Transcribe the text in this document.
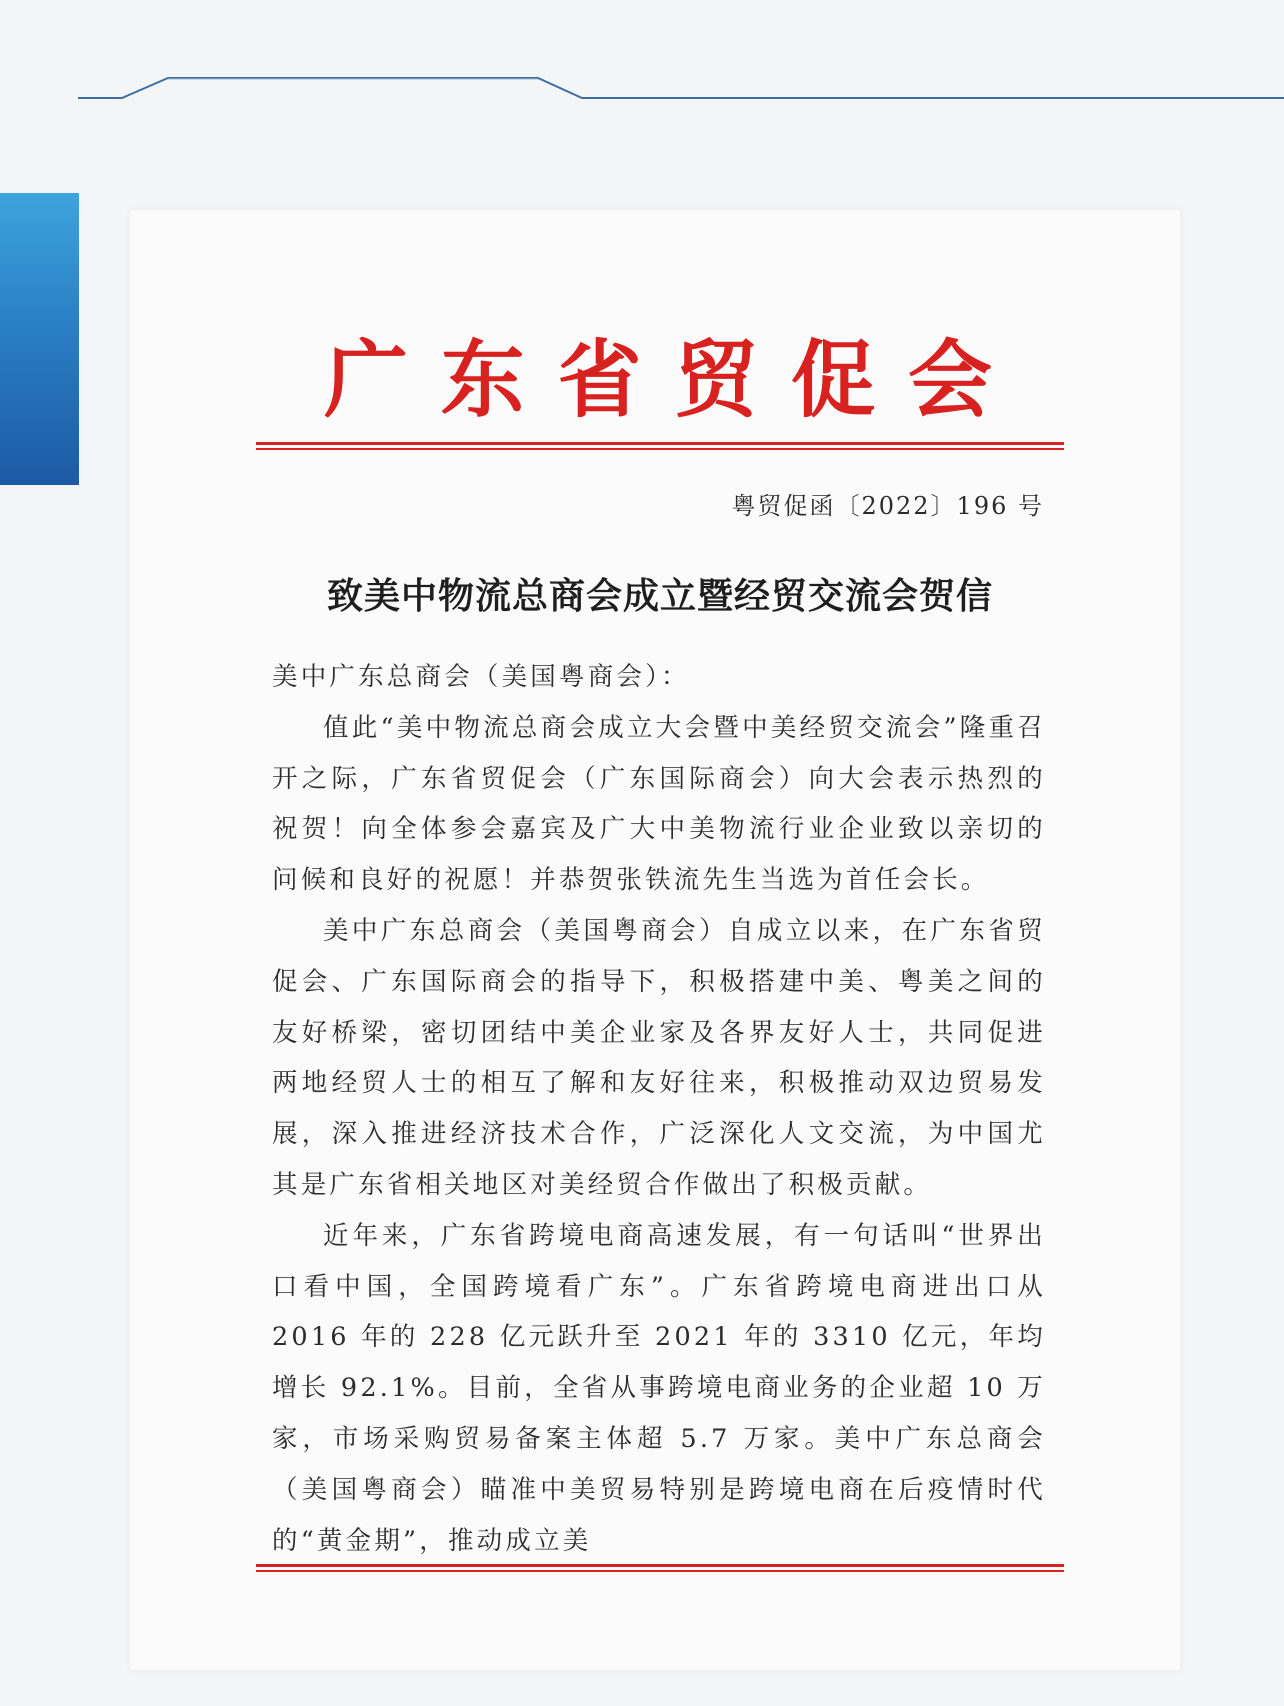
广 东 省 贸 促 会
粤贸促函〔2022〕196 号
致美中物流总商会成立暨经贸交流会贺信

美中广东总商会（美国粤商会）：

值此“美中物流总商会成立大会暨中美经贸交流会”隆重召开之际，广东省贸促会（广东国际商会）向大会表示热烈的祝贺！向全体参会嘉宾及广大中美物流行业企业致以亲切的问候和良好的祝愿！并恭贺张铁流先生当选为首任会长。

美中广东总商会（美国粤商会）自成立以来，在广东省贸促会、广东国际商会的指导下，积极搭建中美、粤美之间的友好桥梁，密切团结中美企业家及各界友好人士，共同促进两地经贸人士的相互了解和友好往来，积极推动双边贸易发展，深入推进经济技术合作，广泛深化人文交流，为中国尤其是广东省相关地区对美经贸合作做出了积极贡献。

近年来，广东省跨境电商高速发展，有一句话叫“世界出口看中国，全国跨境看广东”。广东省跨境电商进出口从 2016 年的 228 亿元跃升至 2021 年的 3310 亿元，年均增长 92.1%。目前，全省从事跨境电商业务的企业超 10 万家，市场采购贸易备案主体超 5.7 万家。美中广东总商会（美国粤商会）瞄准中美贸易特别是跨境电商在后疫情时代的“黄金期”，推动成立美
